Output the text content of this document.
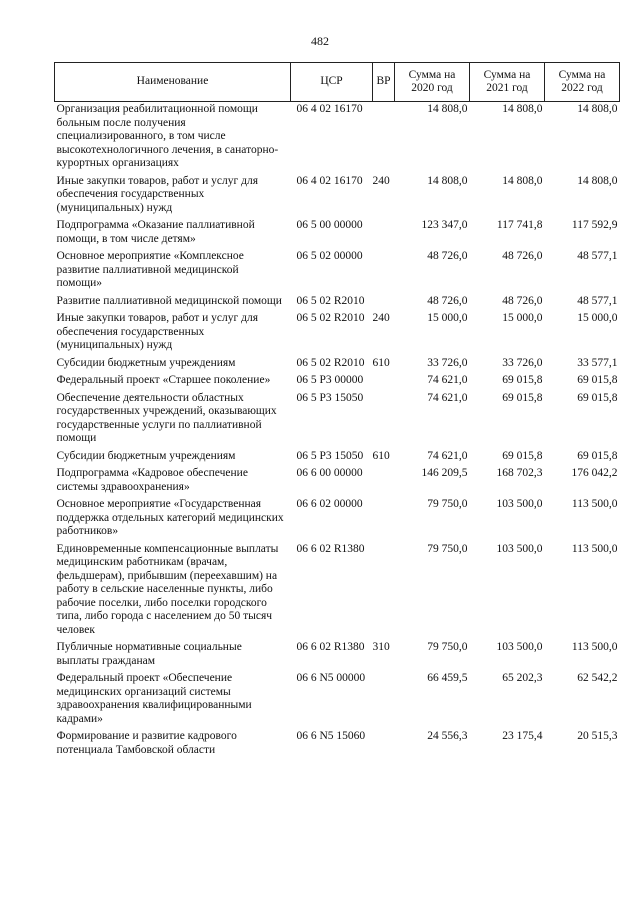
482
Наименование	ЦСР	ВР	Сумма на 2020 год	Сумма на 2021 год	Сумма на 2022 год
Организация реабилитационной помощи больным после получения специализированного, в том числе высокотехнологичного лечения, в санаторно-курортных организациях	06 4 02 16170		14 808,0	14 808,0	14 808,0
Иные закупки товаров, работ и услуг для обеспечения государственных (муниципальных) нужд	06 4 02 16170	240	14 808,0	14 808,0	14 808,0
Подпрограмма «Оказание паллиативной помощи, в том числе детям»	06 5 00 00000		123 347,0	117 741,8	117 592,9
Основное мероприятие «Комплексное развитие паллиативной медицинской помощи»	06 5 02 00000		48 726,0	48 726,0	48 577,1
Развитие паллиативной медицинской помощи	06 5 02 R2010		48 726,0	48 726,0	48 577,1
Иные закупки товаров, работ и услуг для обеспечения государственных (муниципальных) нужд	06 5 02 R2010	240	15 000,0	15 000,0	15 000,0
Субсидии бюджетным учреждениям	06 5 02 R2010	610	33 726,0	33 726,0	33 577,1
Федеральный проект «Старшее поколение»	06 5 P3 00000		74 621,0	69 015,8	69 015,8
Обеспечение деятельности областных государственных учреждений, оказывающих государственные услуги по паллиативной помощи	06 5 P3 15050		74 621,0	69 015,8	69 015,8
Субсидии бюджетным учреждениям	06 5 P3 15050	610	74 621,0	69 015,8	69 015,8
Подпрограмма «Кадровое обеспечение системы здравоохранения»	06 6 00 00000		146 209,5	168 702,3	176 042,2
Основное мероприятие «Государственная поддержка отдельных категорий медицинских работников»	06 6 02 00000		79 750,0	103 500,0	113 500,0
Единовременные компенсационные выплаты медицинским работникам (врачам, фельдшерам), прибывшим (переехавшим) на работу в сельские населенные пункты, либо рабочие поселки, либо поселки городского типа, либо города с населением до 50 тысяч человек	06 6 02 R1380		79 750,0	103 500,0	113 500,0
Публичные нормативные социальные выплаты гражданам	06 6 02 R1380	310	79 750,0	103 500,0	113 500,0
Федеральный проект «Обеспечение медицинских организаций системы здравоохранения квалифицированными кадрами»	06 6 N5 00000		66 459,5	65 202,3	62 542,2
Формирование и развитие кадрового потенциала Тамбовской области	06 6 N5 15060		24 556,3	23 175,4	20 515,3
